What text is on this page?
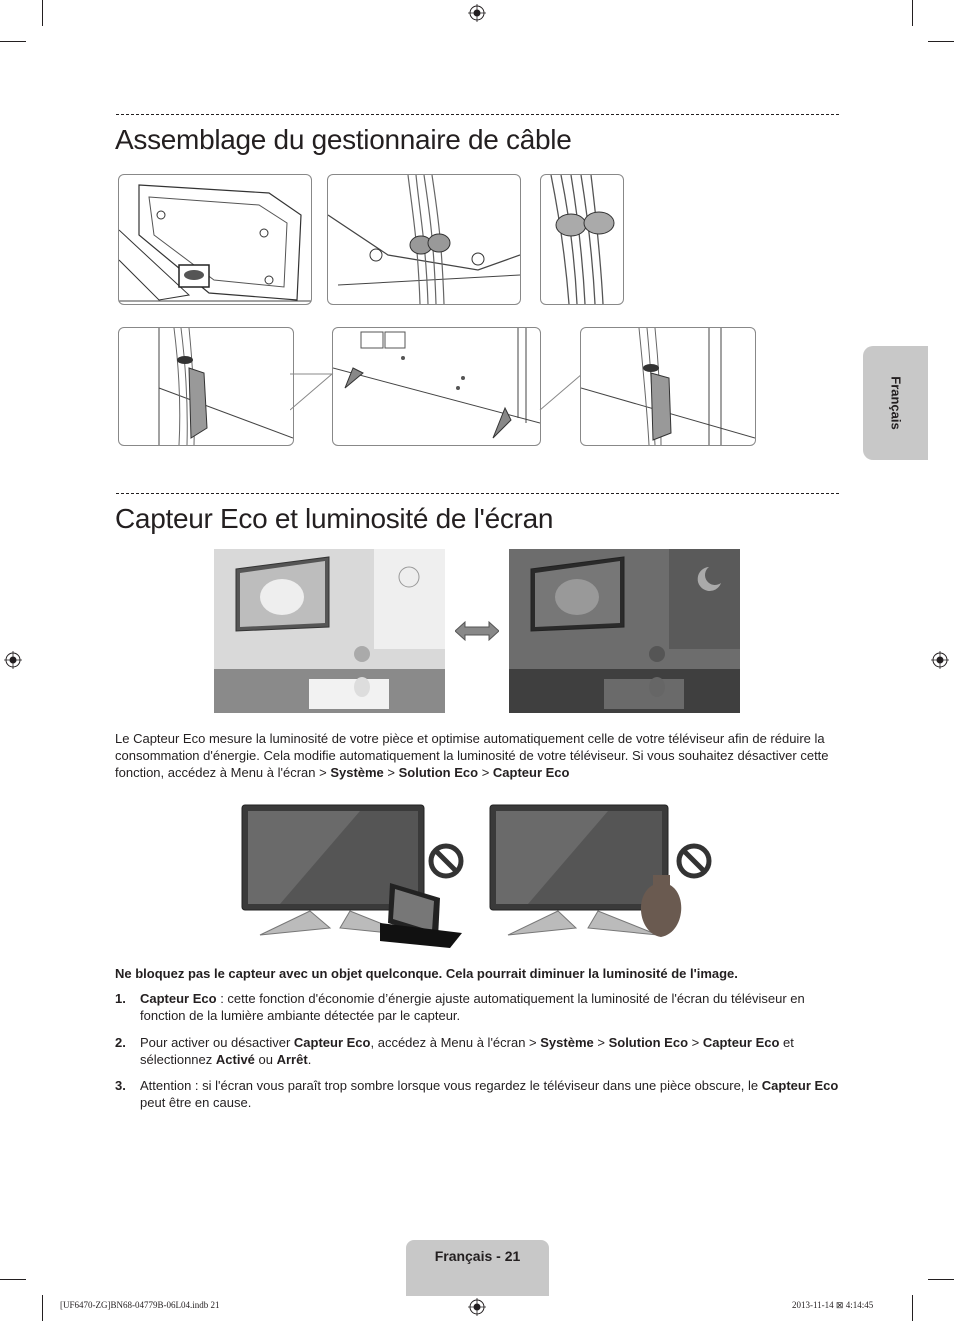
Assemblage du gestionnaire de câble
Français
Capteur Eco et luminosité de l'écran
Le Capteur Eco mesure la luminosité de votre pièce et optimise automatiquement celle de votre téléviseur afin de réduire la consommation d'énergie. Cela modifie automatiquement la luminosité de votre téléviseur. Si vous souhaitez désactiver cette fonction, accédez à Menu à l'écran > Système > Solution Eco > Capteur Eco
Ne bloquez pas le capteur avec un objet quelconque. Cela pourrait diminuer la luminosité de l'image.
1. Capteur Eco : cette fonction d'économie d’énergie ajuste automatiquement la luminosité de l'écran du téléviseur en fonction de la lumière ambiante détectée par le capteur.
2. Pour activer ou désactiver Capteur Eco, accédez à Menu à l'écran > Système > Solution Eco > Capteur Eco et sélectionnez Activé ou Arrêt.
3. Attention : si l'écran vous paraît trop sombre lorsque vous regardez le téléviseur dans une pièce obscure, le Capteur Eco peut être en cause.
Français - 21
[UF6470-ZG]BN68-04779B-06L04.indb 21	2013-11-14 ⊠ 4:14:45
